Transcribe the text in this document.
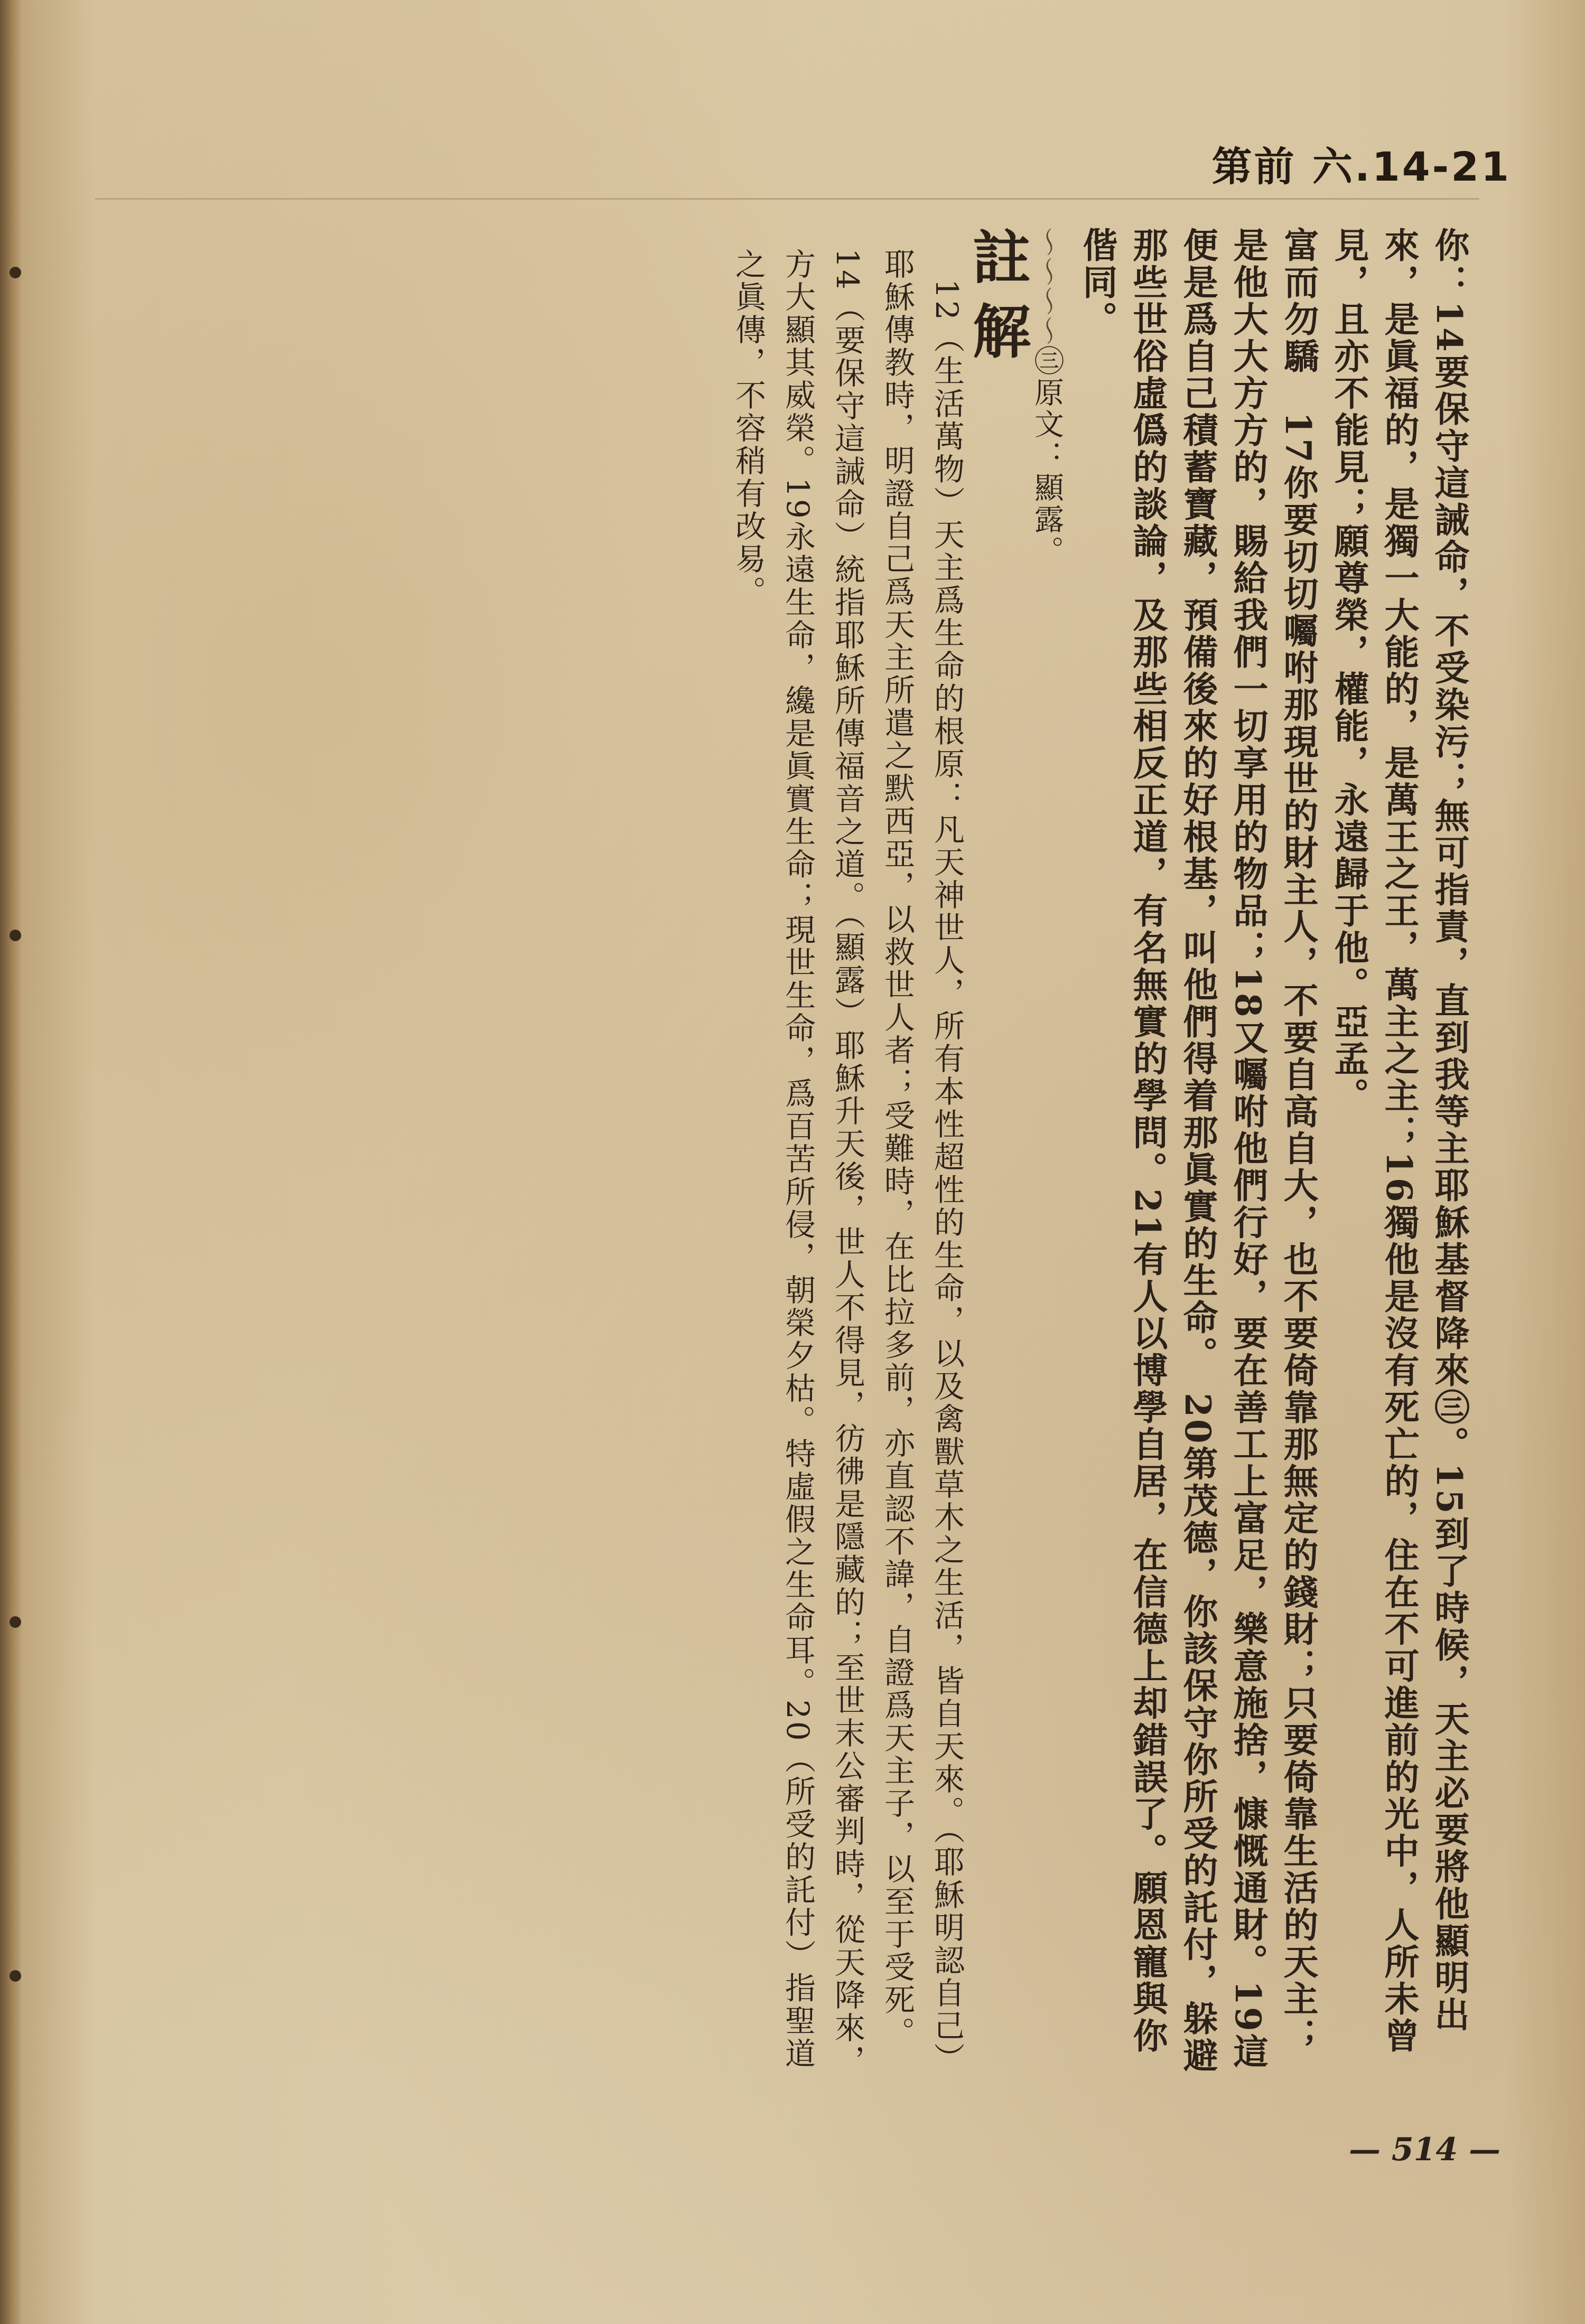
第前 六.14-21

你：14要保守這誡命，不受染污；無可指責，直到我等主耶穌基督降來㊂。15到了時候，天主必要將他顯明出來，是眞福的，是獨一大能的，是萬王之王，萬主之主；16獨他是沒有死亡的，住在不可進前的光中，人所未曾見，且亦不能見；願尊榮，權能，永遠歸于他。亞孟。

富而勿驕　17你要切切囑咐那現世的財主人，不要自高自大，也不要倚靠那無定的錢財；只要倚靠生活的天主；是他大大方方的，賜給我們一切享用的物品；18又囑咐他們行好，要在善工上富足，樂意施捨，慷慨通財。19這便是爲自己積蓄寶藏，預備後來的好根基，叫他們得着那眞實的生命。　20第茂德，你該保守你所受的託付，躲避那些世俗虛僞的談論，及那些相反正道，有名無實的學問。21有人以博學自居，在信德上却錯誤了。願恩寵與你偕同。

～～～～㊂原文：顯露。

註解

12（生活萬物）天主爲生命的根原：凡天神世人，所有本性超性的生命，以及禽獸草木之生活，皆自天來。（耶穌明認自己）耶穌傳教時，明證自己爲天主所遣之默西亞，以救世人者；受難時，在比拉多前，亦直認不諱，自證爲天主子，以至于受死。14（要保守這誡命）統指耶穌所傳福音之道。（顯露）耶穌升天後，世人不得見，彷彿是隱藏的；至世末公審判時，從天降來，方大顯其威榮。19永遠生命，纔是眞實生命；現世生命，爲百苦所侵，朝榮夕枯。特虛假之生命耳。20（所受的託付）指聖道之眞傳，不容稍有改易。

— 514 —
